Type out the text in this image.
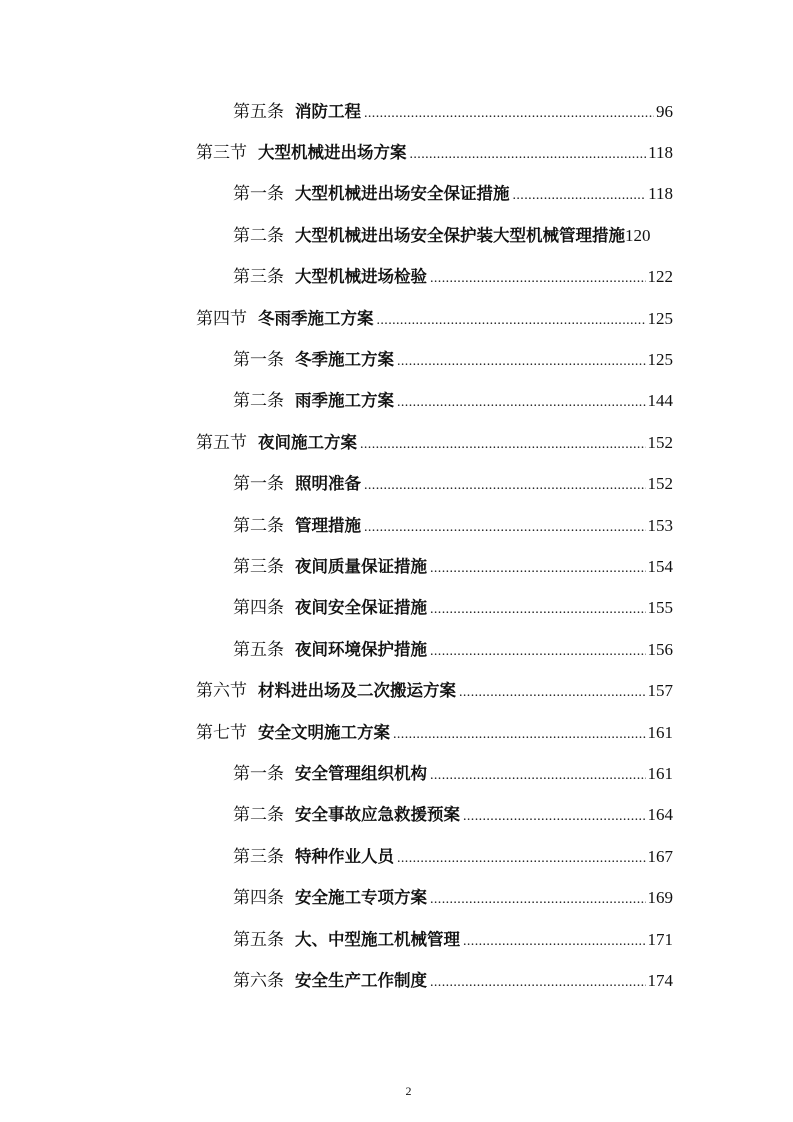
第五条 消防工程 .....	96
第三节 大型机械进出场方案 .....	118
第一条 大型机械进出场安全保证措施 .....	118
第二条 大型机械进出场安全保护装大型机械管理措施 120
第三条 大型机械进场检验 .....	122
第四节 冬雨季施工方案 .....	125
第一条 冬季施工方案 .....	125
第二条 雨季施工方案 .....	144
第五节 夜间施工方案 .....	152
第一条 照明准备 .....	152
第二条 管理措施 .....	153
第三条 夜间质量保证措施 .....	154
第四条 夜间安全保证措施 .....	155
第五条 夜间环境保护措施 .....	156
第六节 材料进出场及二次搬运方案 .....	157
第七节 安全文明施工方案 .....	161
第一条 安全管理组织机构 .....	161
第二条 安全事故应急救援预案 .....	164
第三条 特种作业人员 .....	167
第四条 安全施工专项方案 .....	169
第五条 大、中型施工机械管理 .....	171
第六条 安全生产工作制度 .....	174
2
